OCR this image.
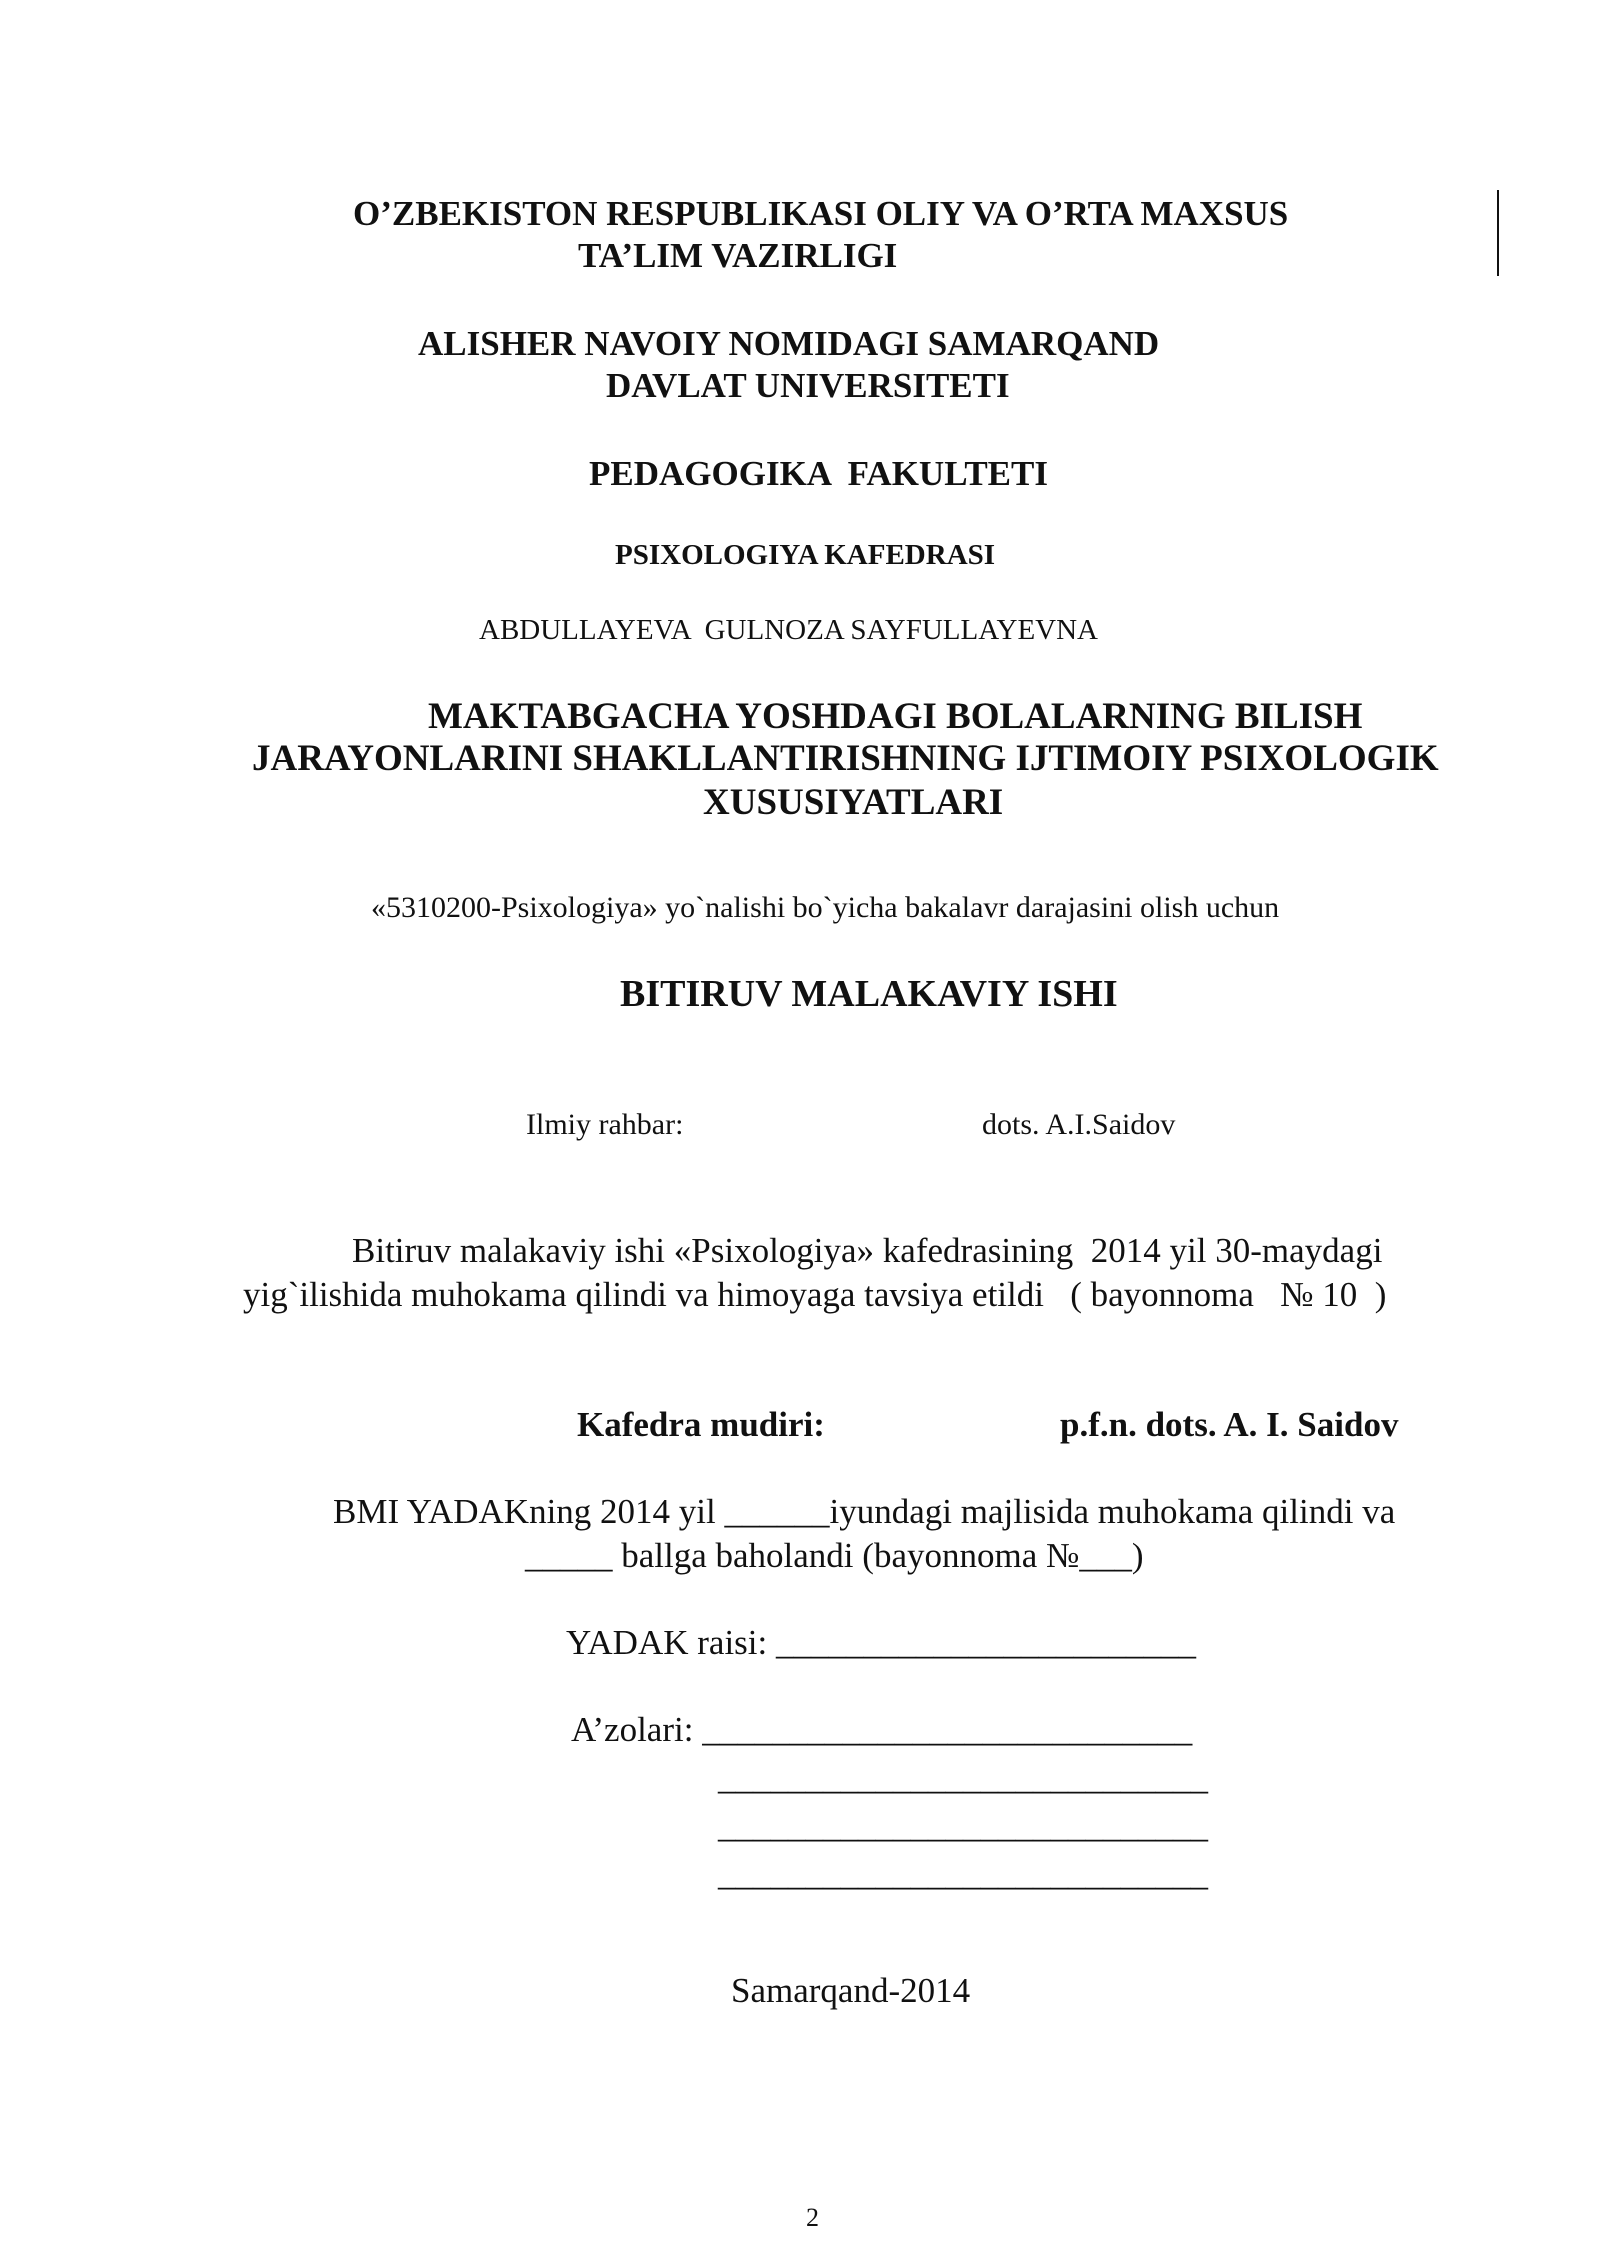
O’ZBEKISTON RESPUBLIKASI OLIY VA O’RTA MAXSUS
TA’LIM VAZIRLIGI
ALISHER NAVOIY NOMIDAGI SAMARQAND
DAVLAT UNIVERSITETI
PEDAGOGIKA  FAKULTETI
PSIXOLOGIYA KAFEDRASI
ABDULLAYEVA  GULNOZA SAYFULLAYEVNA
MAKTABGACHA YOSHDAGI BOLALARNING BILISH
JARAYONLARINI SHAKLLANTIRISHNING IJTIMOIY PSIXOLOGIK
XUSUSIYATLARI
«5310200-Psixologiya» yo`nalishi bo`yicha bakalavr darajasini olish uchun
BITIRUV MALAKAVIY ISHI
Ilmiy rahbar:	dots. A.I.Saidov
Bitiruv malakaviy ishi «Psixologiya» kafedrasining  2014 yil 30-maydagi
yig`ilishida muhokama qilindi va himoyaga tavsiya etildi   ( bayonnoma   № 10  )
Kafedra mudiri:	p.f.n. dots. A. I. Saidov
BMI YADAKning 2014 yil ______iyundagi majlisida muhokama qilindi va
_____ ballga baholandi (bayonnoma №___)
YADAK raisi: ________________________
A’zolari: ____________________________
____________________________
____________________________
____________________________
Samarqand-2014
2
